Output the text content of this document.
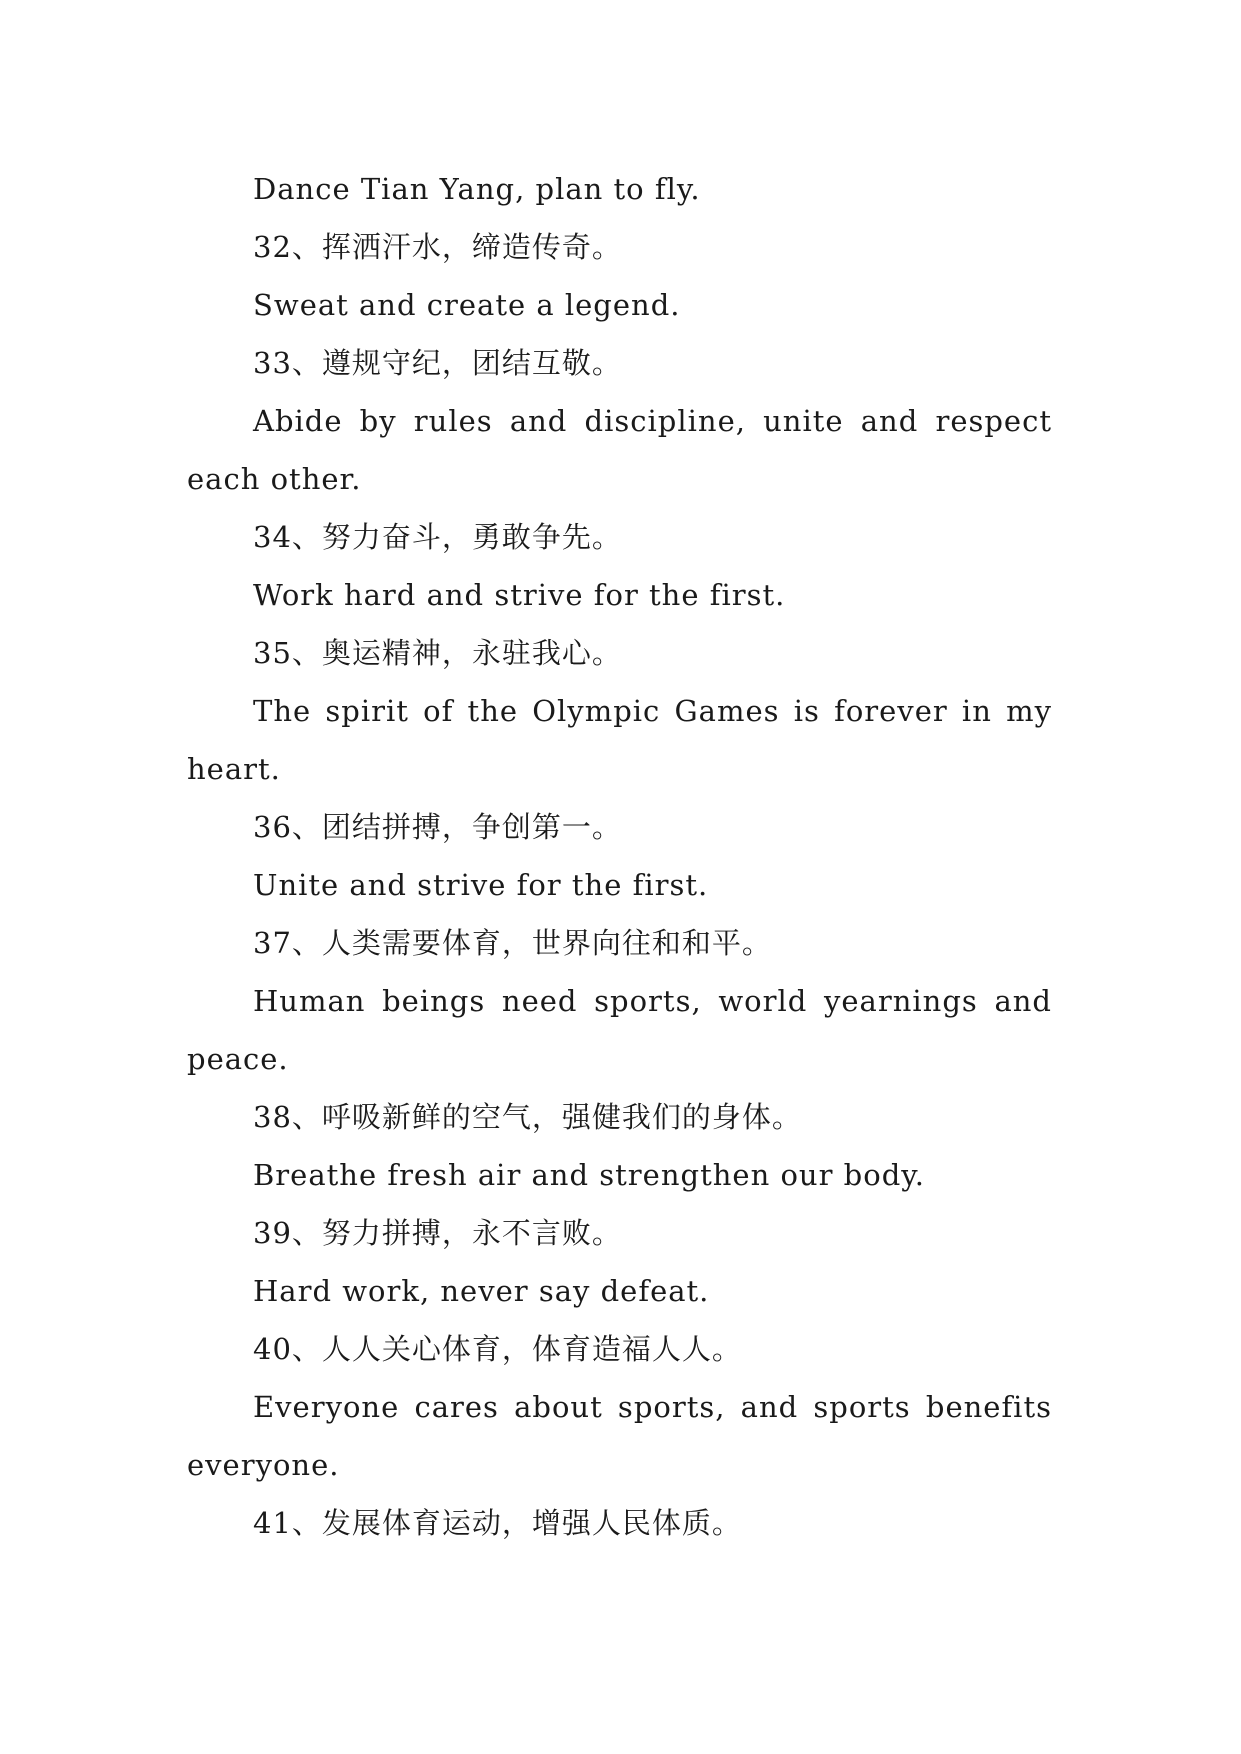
Dance Tian Yang, plan to fly.

32、挥洒汗水，缔造传奇。

Sweat and create a legend.

33、遵规守纪，团结互敬。

Abide by rules and discipline, unite and respect each other.

34、努力奋斗，勇敢争先。

Work hard and strive for the first.

35、奥运精神，永驻我心。

The spirit of the Olympic Games is forever in my heart.

36、团结拼搏，争创第一。

Unite and strive for the first.

37、人类需要体育，世界向往和和平。

Human beings need sports, world yearnings and peace.

38、呼吸新鲜的空气，强健我们的身体。

Breathe fresh air and strengthen our body.

39、努力拼搏，永不言败。

Hard work, never say defeat.

40、人人关心体育，体育造福人人。

Everyone cares about sports, and sports benefits everyone.

41、发展体育运动，增强人民体质。
